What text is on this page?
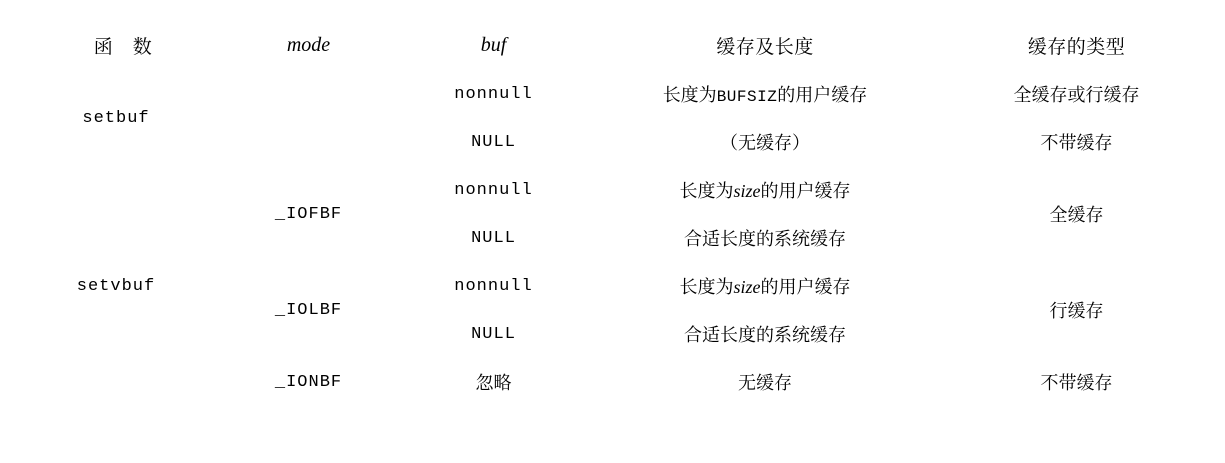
函　数	mode	buf	缓存及长度	缓存的类型
setbuf		nonnull	长度为BUFSIZ的用户缓存	全缓存或行缓存
		NULL	（无缓存）	不带缓存
setvbuf	_IOFBF	nonnull	长度为size的用户缓存	全缓存
		NULL	合适长度的系统缓存	
	_IOLBF	nonnull	长度为size的用户缓存	行缓存
		NULL	合适长度的系统缓存	
	_IONBF	忽略	无缓存	不带缓存
